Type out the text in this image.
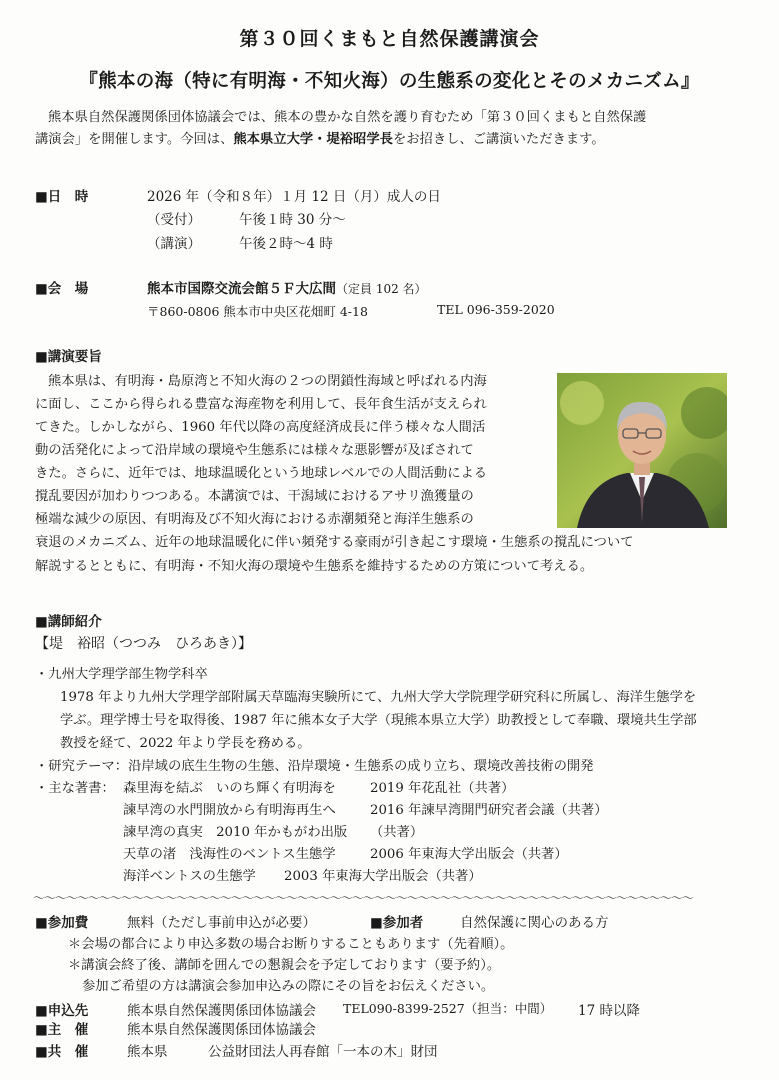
第３０回くまもと自然保護講演会
『熊本の海（特に有明海・不知火海）の生態系の変化とそのメカニズム』
熊本県自然保護関係団体協議会では、熊本の豊かな自然を護り育むため「第３０回くまもと自然保護
講演会」を開催します。今回は、熊本県立大学・堤裕昭学長をお招きし、ご講演いただきます。
■日　時	2026 年（令和８年）１月 12 日（月）成人の日
（受付）	午後１時 30 分～
（講演）	午後２時～4 時
■会　場	熊本市国際交流会館５Ｆ大広間（定員 102 名）
〒860-0806 熊本市中央区花畑町 4-18	TEL 096-359-2020
■講演要旨
熊本県は、有明海・島原湾と不知火海の２つの閉鎖性海域と呼ばれる内海
に面し、ここから得られる豊富な海産物を利用して、長年食生活が支えられ
てきた。しかしながら、1960 年代以降の高度経済成長に伴う様々な人間活
動の活発化によって沿岸域の環境や生態系には様々な悪影響が及ぼされて
きた。さらに、近年では、地球温暖化という地球レベルでの人間活動による
撹乱要因が加わりつつある。本講演では、干潟域におけるアサリ漁獲量の
極端な減少の原因、有明海及び不知火海における赤潮頻発と海洋生態系の
衰退のメカニズム、近年の地球温暖化に伴い頻発する豪雨が引き起こす環境・生態系の撹乱について
解説するとともに、有明海・不知火海の環境や生態系を維持するための方策について考える。
■講師紹介
【堤　裕昭（つつみ　ひろあき）】
・九州大学理学部生物学科卒
1978 年より九州大学理学部附属天草臨海実験所にて、九州大学大学院理学研究科に所属し、海洋生態学を
学ぶ。理学博士号を取得後、1987 年に熊本女子大学（現熊本県立大学）助教授として奉職、環境共生学部
教授を経て、2022 年より学長を務める。
・研究テーマ：沿岸域の底生生物の生態、沿岸環境・生態系の成り立ち、環境改善技術の開発
・主な著書： 森里海を結ぶ　いのち輝く有明海を	2019 年花乱社（共著）
諫早湾の水門開放から有明海再生へ	2016 年諫早湾開門研究者会議（共著）
諫早湾の真実　2010 年かもがわ出版 （共著）
天草の渚　浅海性のベントス生態学	2006 年東海大学出版会（共著）
海洋ベントスの生態学 2003 年東海大学出版会（共著）
～～～～～～～～～～～～～～～～～～～～～～～～～～～～～～～～～～～～～～～～～～～～～～～～～～～～～～～～～～～～
■参加費	無料（ただし事前申込が必要）	■参加者	自然保護に関心のある方
＊会場の都合により申込多数の場合お断りすることもあります（先着順）。
＊講演会終了後、講師を囲んでの懇親会を予定しております（要予約）。
参加ご希望の方は講演会参加申込みの際にその旨をお伝えください。
■申込先	熊本県自然保護関係団体協議会 TEL090-8399-2527（担当：中間） 17 時以降
■主　催	熊本県自然保護関係団体協議会
■共　催	熊本県	公益財団法人再春館「一本の木」財団
